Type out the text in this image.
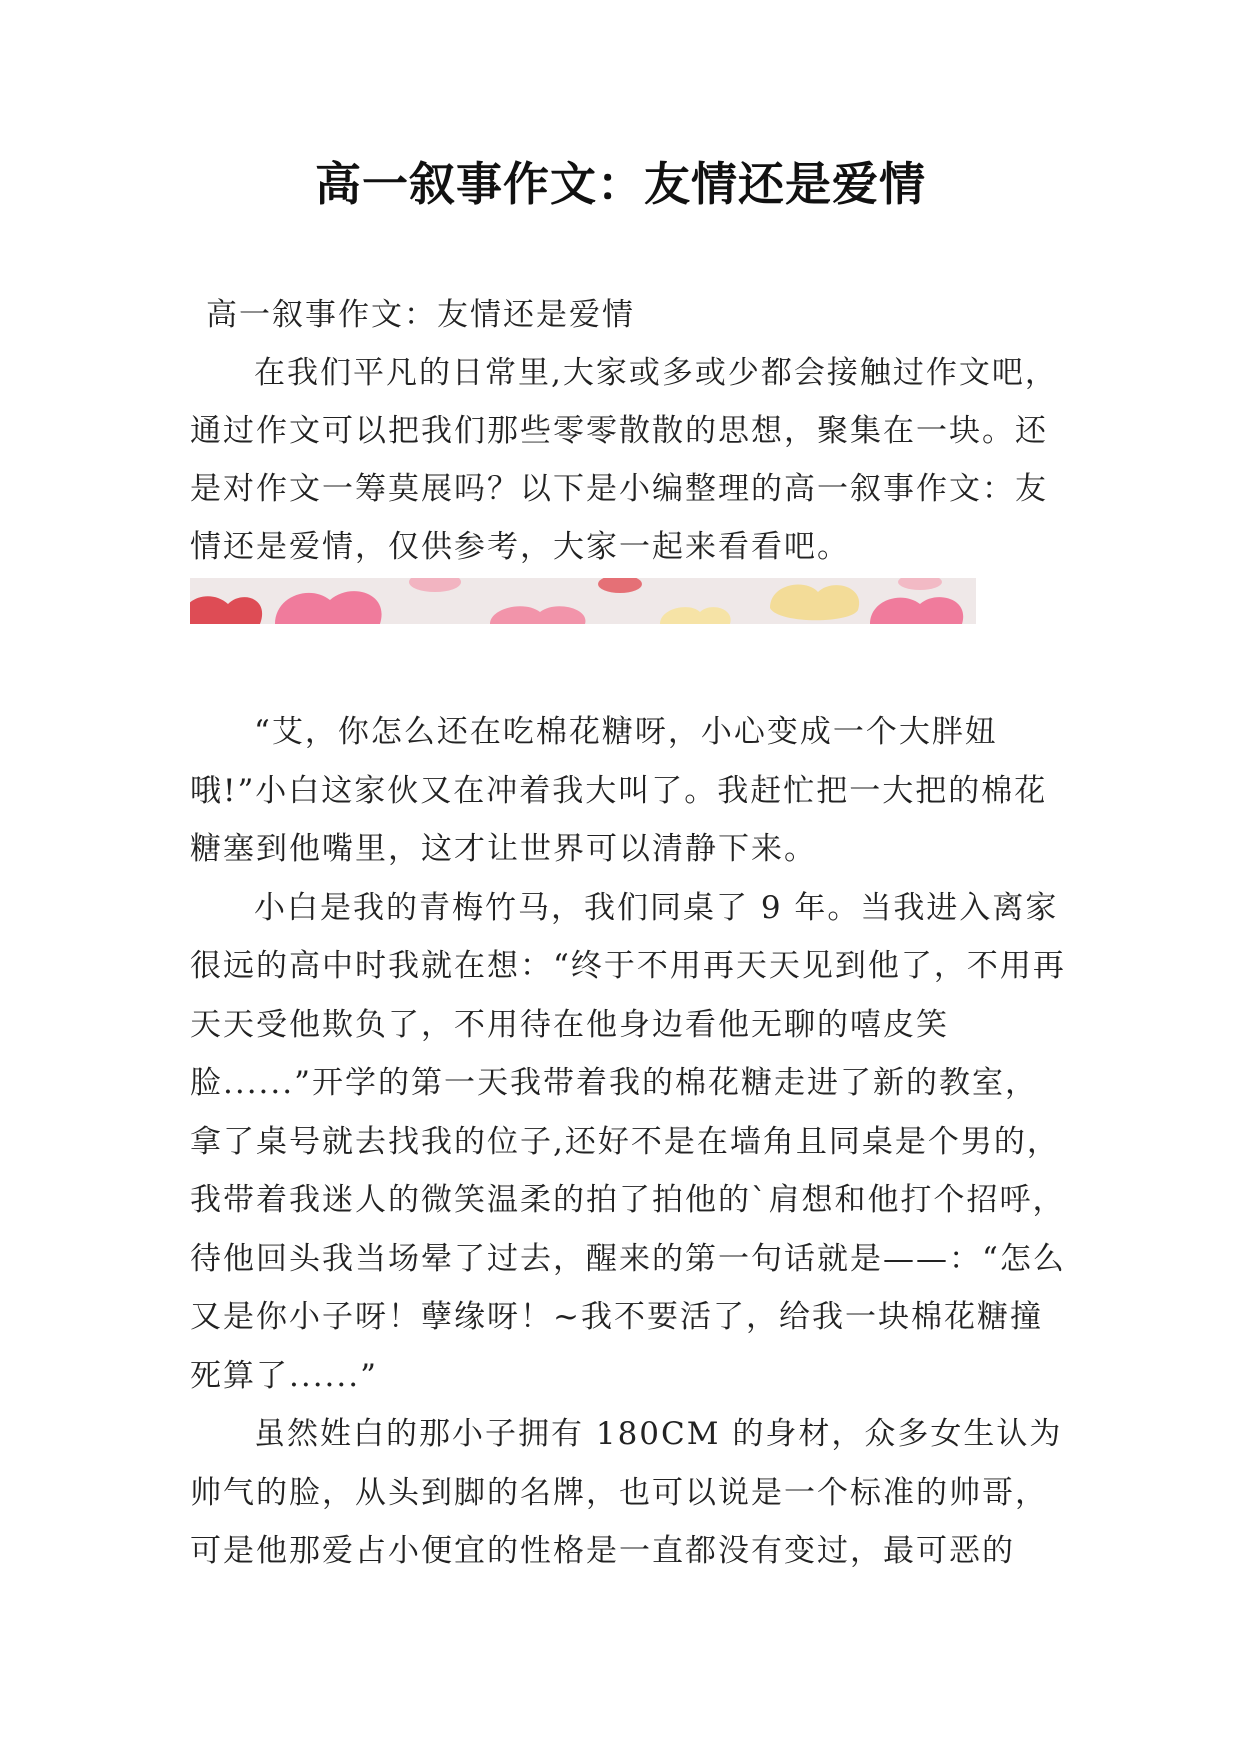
高一叙事作文：友情还是爱情

高一叙事作文：友情还是爱情

在我们平凡的日常里,大家或多或少都会接触过作文吧，通过作文可以把我们那些零零散散的思想，聚集在一块。还是对作文一筹莫展吗？以下是小编整理的高一叙事作文：友情还是爱情，仅供参考，大家一起来看看吧。

“艾，你怎么还在吃棉花糖呀，小心变成一个大胖妞哦!”小白这家伙又在冲着我大叫了。我赶忙把一大把的棉花糖塞到他嘴里，这才让世界可以清静下来。

小白是我的青梅竹马，我们同桌了 9 年。当我进入离家很远的高中时我就在想：“终于不用再天天见到他了，不用再天天受他欺负了，不用待在他身边看他无聊的嘻皮笑脸......”开学的第一天我带着我的棉花糖走进了新的教室，拿了桌号就去找我的位子,还好不是在墙角且同桌是个男的，我带着我迷人的微笑温柔的拍了拍他的`肩想和他打个招呼，待他回头我当场晕了过去，醒来的第一句话就是——：“怎么又是你小子呀！孽缘呀！~我不要活了，给我一块棉花糖撞死算了......”

虽然姓白的那小子拥有 180CM 的身材，众多女生认为帅气的脸，从头到脚的名牌，也可以说是一个标准的帅哥，可是他那爱占小便宜的性格是一直都没有变过，最可恶的
